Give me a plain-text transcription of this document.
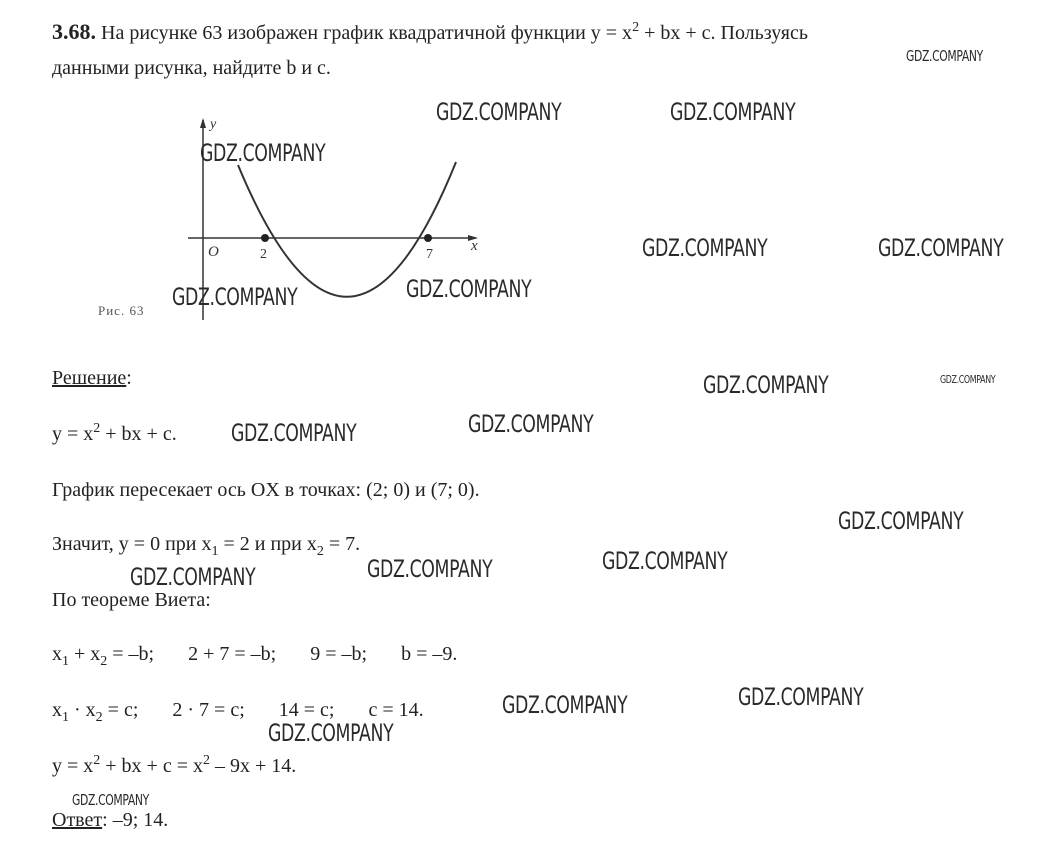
3.68. На рисунке 63 изображен график квадратичной функции $y = x^2$ + bx + c. Пользуясь
данными рисунка, найдите b и c.
y
x
O	2	7
Рис. 63
Решение:
$y = x^2$ + bx + c.
График пересекает ось OX в точках: (2; 0) и (7; 0).
Значит, y = 0 при $x_1 = 2$ и при $x_2 = 7$.
По теореме Виета:
$x_1 + x_2 = -b$; 2 + 7 = –b; 9 = –b; b = –9.
$x_1 \cdot x_2 = c$; 2 · 7 = c; 14 = c; c = 14.
$y = x^2$ + bx + $c = x^2 - 9x + 14$.
Ответ: –9; 14.
GDZ.COMPANY
GDZ.COMPANY	GDZ.COMPANY
GDZ.COMPANY
GDZ.COMPANY	GDZ.COMPANY
GDZ.COMPANY
GDZ.COMPANY
GDZ.COMPANY	GDZ.COMPANY
GDZ.COMPANY	GDZ.COMPANY
GDZ.COMPANY
GDZ.COMPANY
GDZ.COMPANY
GDZ.COMPANY
GDZ.COMPANY
GDZ.COMPANY
GDZ.COMPANY
GDZ.COMPANY
